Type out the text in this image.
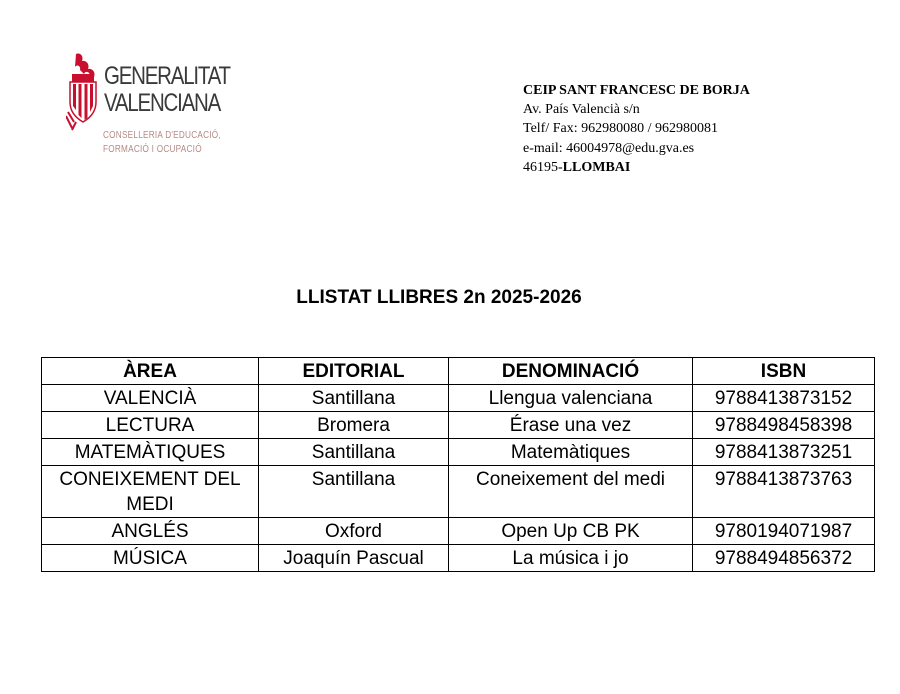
GENERALITAT
VALENCIANA
CONSELLERIA D'EDUCACIÓ,
FORMACIÓ I OCUPACIÓ
CEIP SANT FRANCESC DE BORJA
Av. País Valencià s/n
Telf/ Fax: 962980080 / 962980081
e-mail: 46004978@edu.gva.es
46195-LLOMBAI
LLISTAT LLIBRES 2n 2025-2026
ÀREA	EDITORIAL	DENOMINACIÓ	ISBN
VALENCIÀ	Santillana	Llengua valenciana	9788413873152
LECTURA	Bromera	Érase una vez	9788498458398
MATEMÀTIQUES	Santillana	Matemàtiques	9788413873251
CONEIXEMENT DEL MEDI	Santillana	Coneixement del medi	9788413873763
ANGLÉS	Oxford	Open Up CB PK	9780194071987
MÚSICA	Joaquín Pascual	La música i jo	9788494856372
